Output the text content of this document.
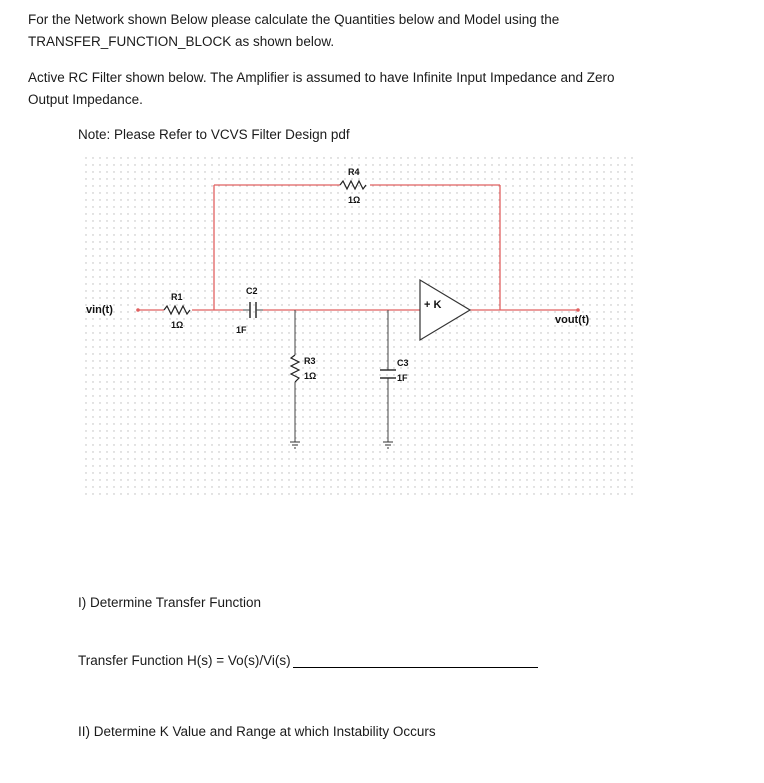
For the Network shown Below please calculate the Quantities below and Model using the
TRANSFER_FUNCTION_BLOCK as shown below.
Active RC Filter shown below. The Amplifier is assumed to have Infinite Input Impedance and Zero
Output Impedance.
Note: Please Refer to VCVS Filter Design pdf
vin(t)
vout(t)
R1
1Ω
C2
1F
R4
1Ω
R3
1Ω
C3
1F
+ K
I) Determine Transfer Function
Transfer Function H(s) = Vo(s)/Vi(s)
II) Determine K Value and Range at which Instability Occurs
